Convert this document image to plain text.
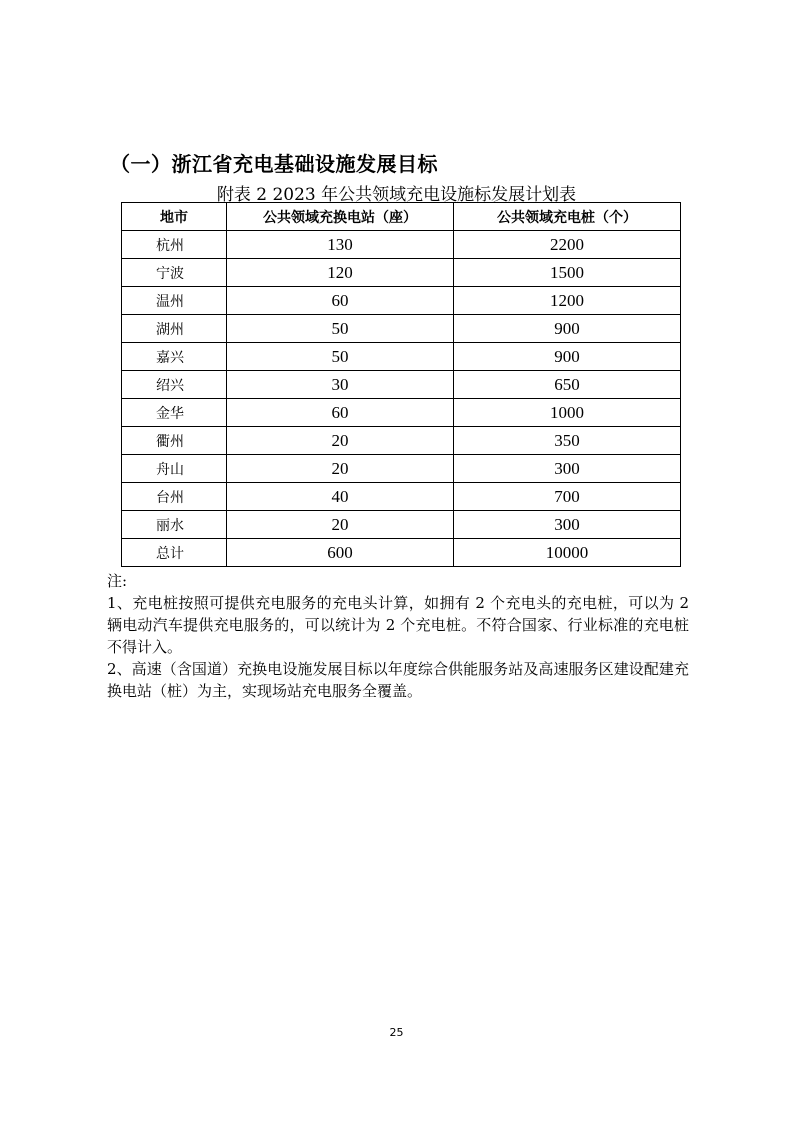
（一）浙江省充电基础设施发展目标
附表 2 2023 年公共领域充电设施标发展计划表
地市	公共领域充换电站（座）	公共领域充电桩（个）
杭州	130	2200
宁波	120	1500
温州	60	1200
湖州	50	900
嘉兴	50	900
绍兴	30	650
金华	60	1000
衢州	20	350
舟山	20	300
台州	40	700
丽水	20	300
总计	600	10000

注:

1、充电桩按照可提供充电服务的充电头计算，如拥有 2 个充电头的充电桩，可以为 2 辆电动汽车提供充电服务的，可以统计为 2 个充电桩。不符合国家、行业标准的充电桩不得计入。

2、高速（含国道）充换电设施发展目标以年度综合供能服务站及高速服务区建设配建充换电站（桩）为主，实现场站充电服务全覆盖。

25
